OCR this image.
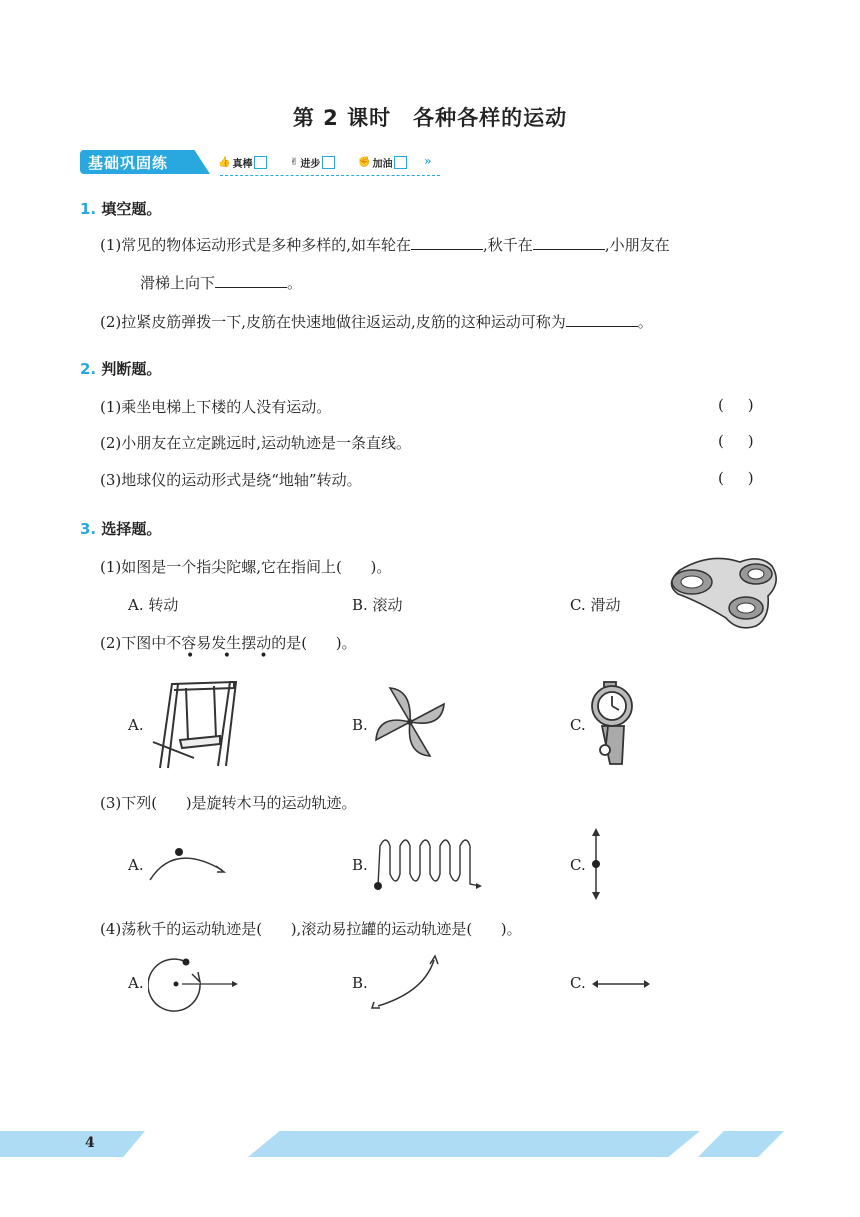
第 2 课时 各种各样的运动
基础巩固练	👍 真棒	✌ 进步	✊ 加油	»
1. 填空题。
(1)常见的物体运动形式是多种多样的,如车轮在	,秋千在	,小朋友在
滑梯上向下	。
(2)拉紧皮筋弹拨一下,皮筋在快速地做往返运动,皮筋的这种运动可称为	。
2. 判断题。
(1)乘坐电梯上下楼的人没有运动。	(     )
(2)小朋友在立定跳远时,运动轨迹是一条直线。	(     )
(3)地球仪的运动形式是绕“地轴”转动。	(     )
3. 选择题。
(1)如图是一个指尖陀螺,它在指间上(      )。
A. 转动	B. 滚动	C. 滑动
(2)下图中不容易发生摆动的是(      )。
• • •
A.	B.	C.
(3)下列(      )是旋转木马的运动轨迹。
A.	B.	C.
(4)荡秋千的运动轨迹是(      ),滚动易拉罐的运动轨迹是(      )。
A.	B.	C.
4
